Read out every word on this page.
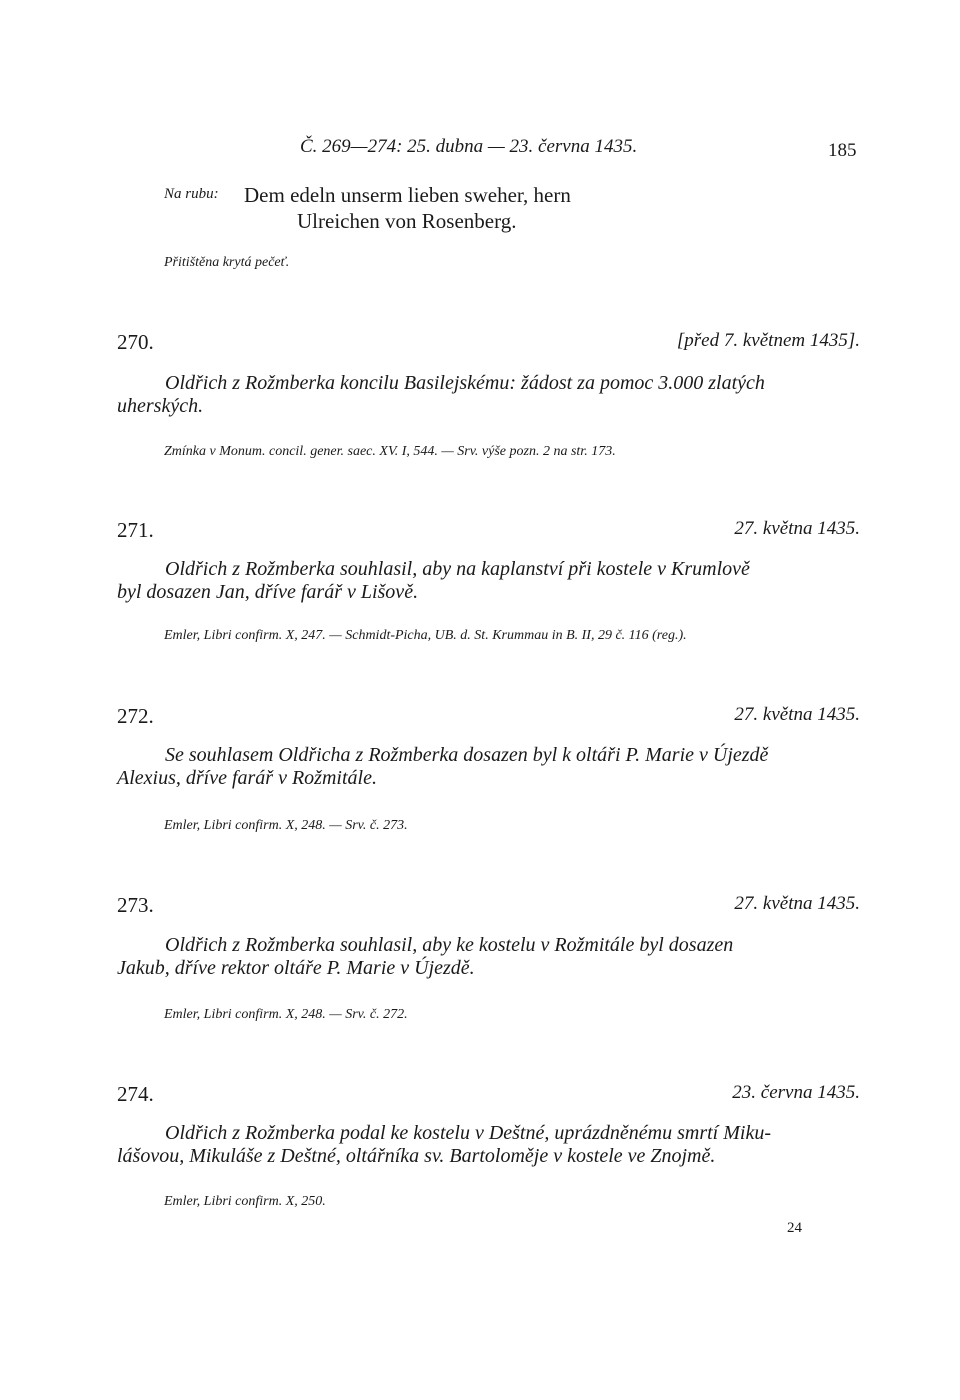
Č. 269—274: 25. dubna — 23. června 1435.	185
Na rubu: Dem edeln unserm lieben sweher, hern
Ulreichen von Rosenberg.
Přitištěna krytá pečeť.
270.	[před 7. květnem 1435].
Oldřich z Rožmberka koncilu Basilejskému: žádost za pomoc 3.000 zlatých
uherských.
Zmínka v Monum. concil. gener. saec. XV. I, 544. — Srv. výše pozn. 2 na str. 173.
271.	27. května 1435.
Oldřich z Rožmberka souhlasil, aby na kaplanství při kostele v Krumlově
byl dosazen Jan, dříve farář v Lišově.
Emler, Libri confirm. X, 247. — Schmidt-Picha, UB. d. St. Krummau in B. II, 29 č. 116 (reg.).
272.	27. května 1435.
Se souhlasem Oldřicha z Rožmberka dosazen byl k oltáři P. Marie v Újezdě
Alexius, dříve farář v Rožmitále.
Emler, Libri confirm. X, 248. — Srv. č. 273.
273.	27. května 1435.
Oldřich z Rožmberka souhlasil, aby ke kostelu v Rožmitále byl dosazen
Jakub, dříve rektor oltáře P. Marie v Újezdě.
Emler, Libri confirm. X, 248. — Srv. č. 272.
274.	23. června 1435.
Oldřich z Rožmberka podal ke kostelu v Deštné, uprázdněnému smrtí Miku-
lášovou, Mikuláše z Deštné, oltářníka sv. Bartoloměje v kostele ve Znojmě.
Emler, Libri confirm. X, 250.
24
